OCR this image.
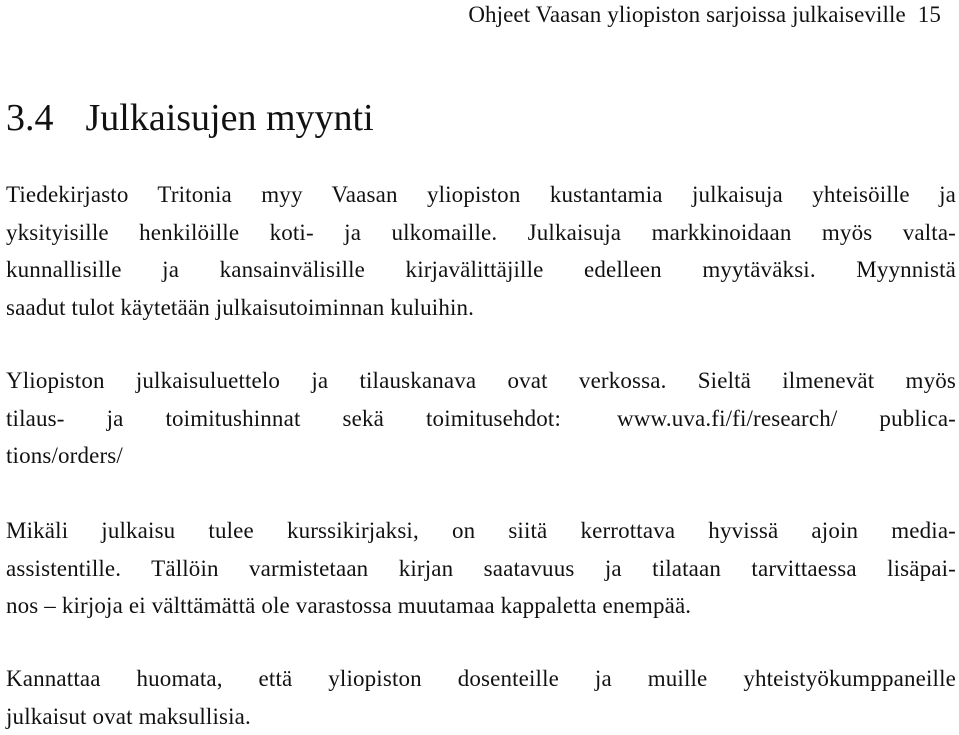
Ohjeet Vaasan yliopiston sarjoissa julkaiseville 15
3.4 Julkaisujen myynti

Tiedekirjasto Tritonia myy Vaasan yliopiston kustantamia julkaisuja yhteisöille ja
yksityisille henkilöille koti- ja ulkomaille. Julkaisuja markkinoidaan myös valta-
kunnallisille ja kansainvälisille kirjavälittäjille edelleen myytäväksi. Myynnistä
saadut tulot käytetään julkaisutoiminnan kuluihin.

Yliopiston julkaisuluettelo ja tilauskanava ovat verkossa. Sieltä ilmenevät myös
tilaus- ja toimitushinnat sekä toimitusehdot: www.uva.fi/fi/research/ publica-
tions/orders/

Mikäli julkaisu tulee kurssikirjaksi, on siitä kerrottava hyvissä ajoin media-
assistentille. Tällöin varmistetaan kirjan saatavuus ja tilataan tarvittaessa lisäpai-
nos – kirjoja ei välttämättä ole varastossa muutamaa kappaletta enempää.

Kannattaa huomata, että yliopiston dosenteille ja muille yhteistyökumppaneille
julkaisut ovat maksullisia.
